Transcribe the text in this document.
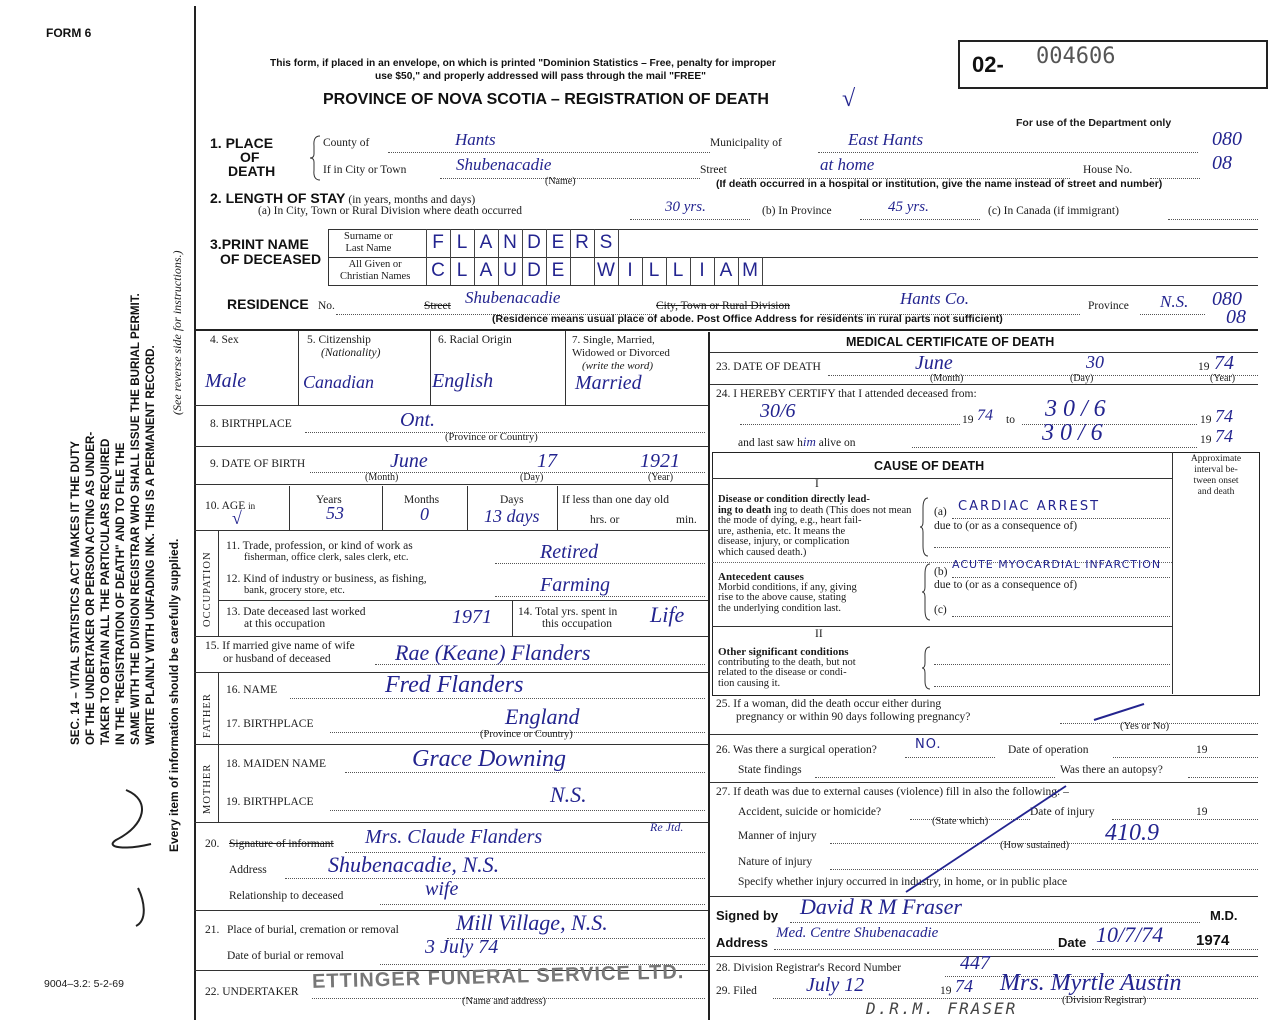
FORM 6
SEC. 14 – VITAL STATISTICS ACT MAKES IT THE DUTY OF THE UNDERTAKER OR PERSON ACTING AS UNDER- TAKER TO OBTAIN ALL THE PARTICULARS REQUIRED IN THE "REGISTRATION OF DEATH" AND TO FILE THE SAME WITH THE DIVISION REGISTRAR WHO SHALL ISSUE THE BURIAL PERMIT. WRITE PLAINLY WITH UNFADING INK. THIS IS A PERMANENT RECORD. Every item of information should be carefully supplied.
(See reverse side for instructions.)
9004–3.2: 5-2-69
This form, if placed in an envelope, on which is printed "Dominion Statistics – Free, penalty for improper
use $50," and properly addressed will pass through the mail "FREE"
PROVINCE OF NOVA SCOTIA – REGISTRATION OF DEATH	√
02- 004606
For use of the Department only
1. PLACE
OF
DEATH
County of	Hants	Municipality of	East Hants	080
If in City or Town	Shubenacadie
(Name)
Street	at home	House No.	08
(If death occurred in a hospital or institution, give the name instead of street and number)
2. LENGTH OF STAY (in years, months and days)
(a) In City, Town or Rural Division where death occurred	30 yrs.	(b) In Province	45 yrs.	(c) In Canada (if immigrant)
3.PRINT NAME
OF DECEASED
Surname or
Last Name
All Given or
Christian Names
F L A N D E R S
C L A U D E	W I L L I A M
RESIDENCE No.	Street Shubenacadie	City, Town or Rural Division	Hants Co.	Province N.S. 080
08
(Residence means usual place of abode. Post Office Address for residents in rural parts not sufficient)
4. Sex
Male
5. Citizenship
(Nationality)
Canadian
6. Racial Origin
English
7. Single, Married,
Widowed or Divorced
(write the word)
Married
8. BIRTHPLACE	Ont.
(Province or Country)
9. DATE OF BIRTH	June	17	1921
(Month)	(Day)	(Year)
10. AGE in
√
Years
53
Months
0
Days
13 days
If less than one day old
hrs. or	min.
OCCUPATION
11. Trade, profession, or kind of work as
fisherman, office clerk, sales clerk, etc.	Retired
12. Kind of industry or business, as fishing,
bank, grocery store, etc.	Farming
13. Date deceased last worked
at this occupation	1971 14. Total yrs. spent in
this occupation Life
15. If married give name of wife
or husband of deceased	Rae (Keane) Flanders
FATHER
16. NAME	Fred Flanders
17. BIRTHPLACE	England
(Province or Country)
MOTHER 18. MAIDEN NAME	Grace Downing
19. BIRTHPLACE	N.S.
20. Signature of informant Mrs. Claude Flanders	Re Jtd.
Address	Shubenacadie, N.S.
Relationship to deceased	wife
21. Place of burial, cremation or removal	Mill Village, N.S.
Date of burial or removal	3 July 74
22. UNDERTAKER ETTINGER FUNERAL SERVICE LTD.
(Name and address)
MEDICAL CERTIFICATE OF DEATH
23. DATE OF DEATH	June	30	19 74
(Month)	(Day)	(Year)
24. I HEREBY CERTIFY that I attended deceased from:
30/6	19 74 to 30/6	19 74
and last saw him alive on	30/6	19 74
CAUSE OF DEATH	Approximate
interval be-
tween onset
and death
I
Disease or condition directly lead-
ing to death ing to death (This does not mean
the mode of dying, e.g., heart fail-
ure, asthenia, etc. It means the
disease, injury, or complication
which caused death.)
(a) CARDIAC ARREST
due to (or as a consequence of)
Antecedent causes
Morbid conditions, if any, giving
rise to the above cause, stating
the underlying condition last.
(b)
ACUTE MYOCARDIAL INFARCTION
due to (or as a consequence of)
(c)
II
Other significant conditions
contributing to the death, but not
related to the disease or condi-
tion causing it.
25. If a woman, did the death occur either during
pregnancy or within 90 days following pregnancy?
(Yes or No)
26. Was there a surgical operation?	NO.	Date of operation	19
State findings	Was there an autopsy?
27. If death was due to external causes (violence) fill in also the following: –
Accident, suicide or homicide?	Date of injury	19
(State which)
Manner of injury	410.9
(How sustained)
Nature of injury
Specify whether injury occurred in industry, in home, or in public place
Signed by David R M Fraser	M.D.
Address
Med. Centre Shubenacadie
Date 10/7/74 1974
28. Division Registrar's Record Number	447
29. Filed July 12	19 74 Mrs. Myrtle Austin
(Division Registrar)
D.R.M. FRASER
